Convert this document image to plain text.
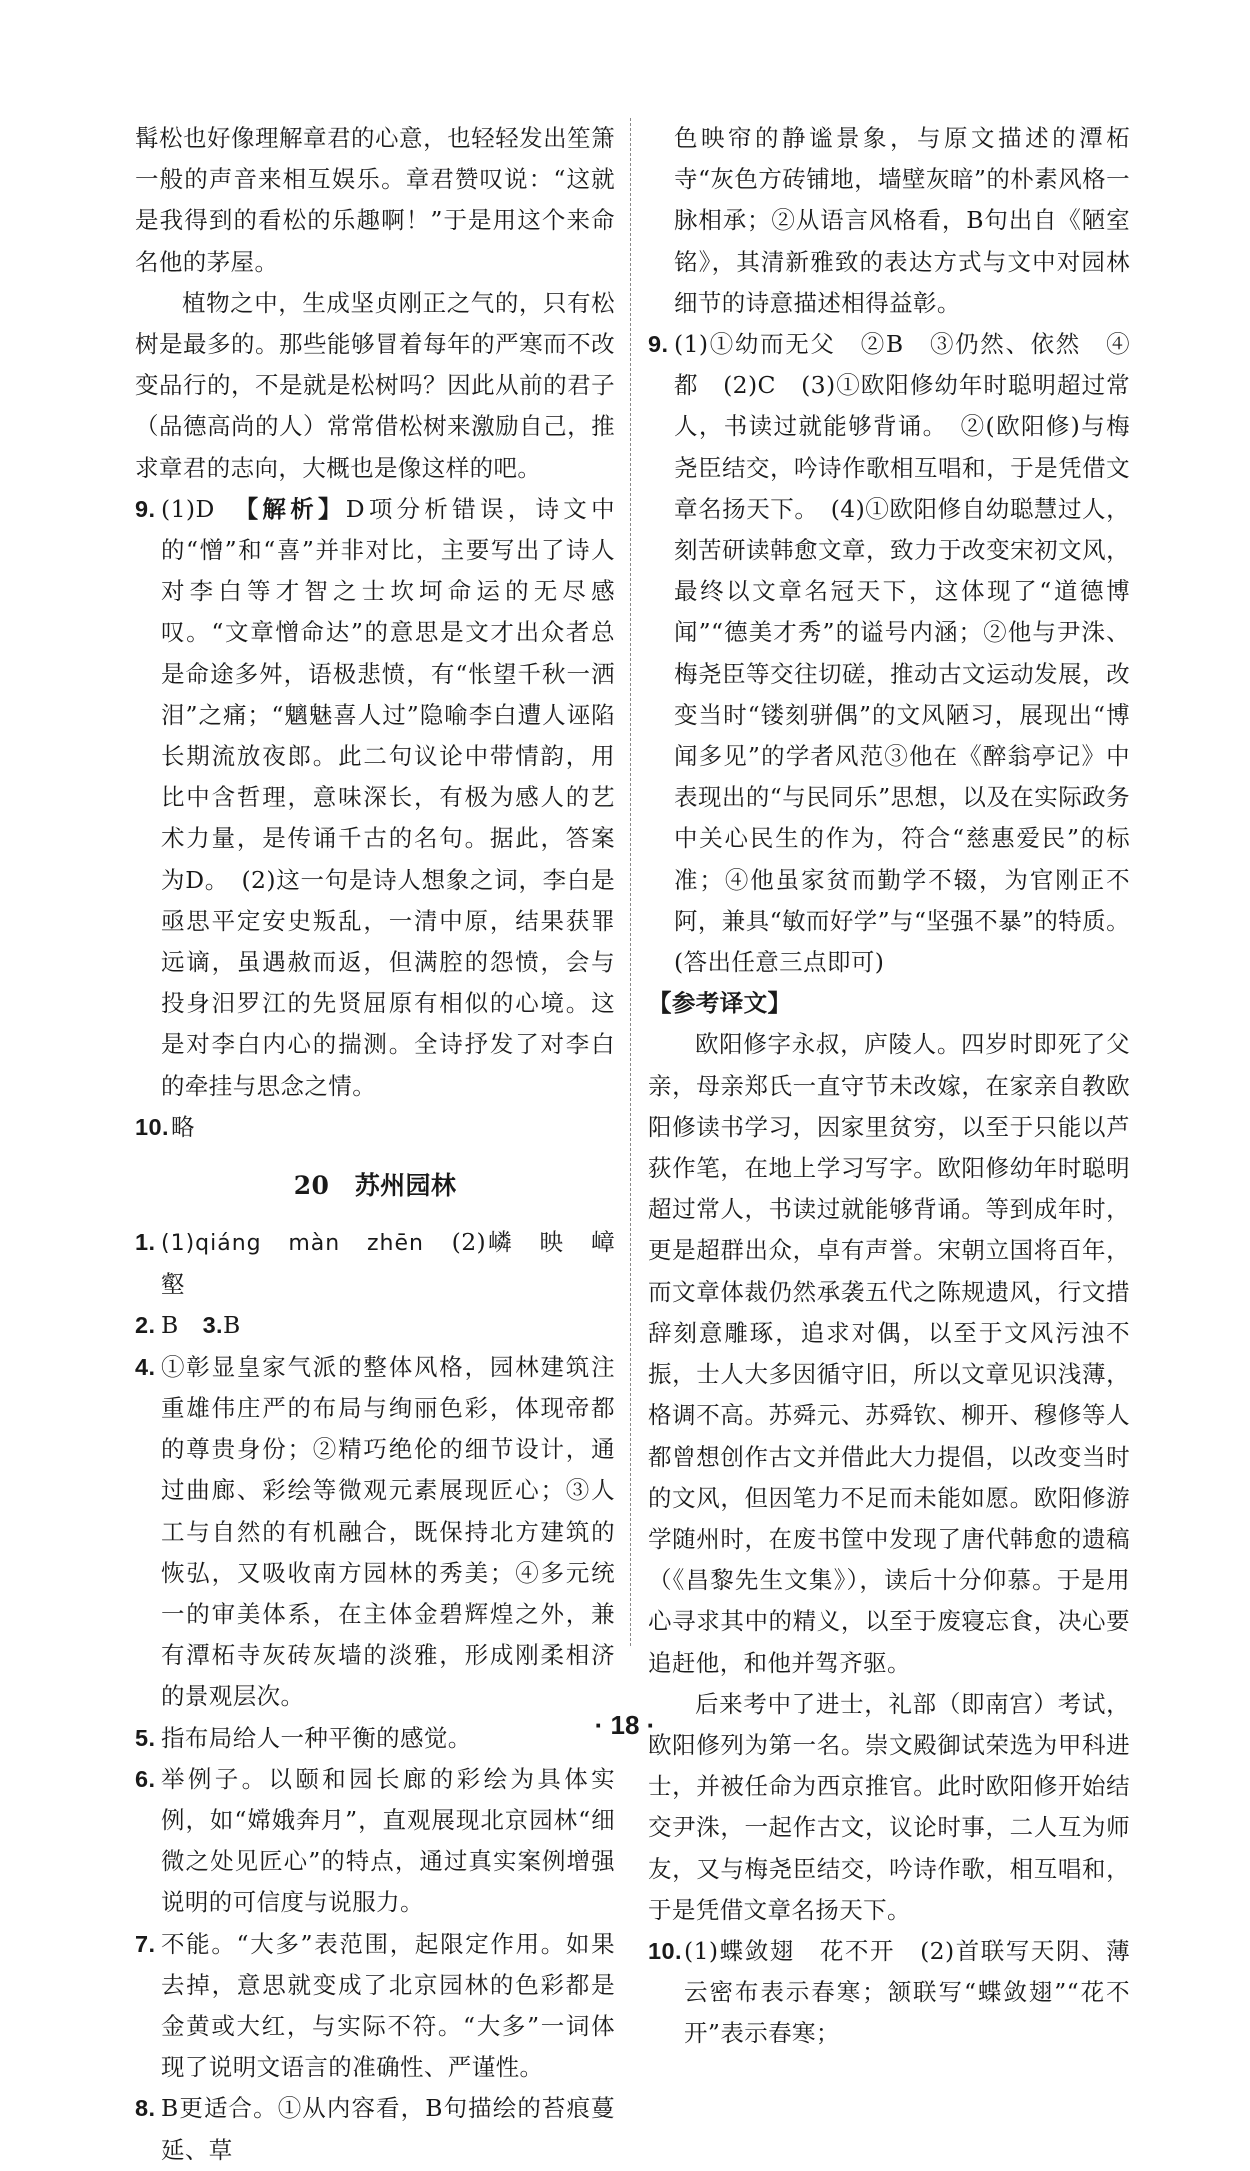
髯松也好像理解章君的心意，也轻轻发出笙箫一般的声音来相互娱乐。章君赞叹说：“这就是我得到的看松的乐趣啊！”于是用这个来命名他的茅屋。

植物之中，生成坚贞刚正之气的，只有松树是最多的。那些能够冒着每年的严寒而不改变品行的，不是就是松树吗？因此从前的君子（品德高尚的人）常常借松树来激励自己，推求章君的志向，大概也是像这样的吧。

9. (1)D　 【解析】D项分析错误，诗文中的“憎”和“喜”并非对比，主要写出了诗人对李白等才智之士坎坷命运的无尽感叹。“文章憎命达”的意思是文才出众者总是命途多舛，语极悲愤，有“怅望千秋一洒泪”之痛；“魑魅喜人过”隐喻李白遭人诬陷长期流放夜郎。此二句议论中带情韵，用比中含哲理，意味深长，有极为感人的艺术力量，是传诵千古的名句。据此，答案为D。　 (2)这一句是诗人想象之词，李白是亟思平定安史叛乱，一清中原，结果获罪远谪，虽遇赦而返，但满腔的怨愤，会与投身汨罗江的先贤屈原有相似的心境。这是对李白内心的揣测。全诗抒发了对李白的牵挂与思念之情。

10. 略
20　 苏州园林
1. (1)qiáng　màn　zhēn　 (2)嶙　映　嶂　壑
2. B　 3.B
4. ①彰显皇家气派的整体风格，园林建筑注重雄伟庄严的布局与绚丽色彩，体现帝都的尊贵身份；②精巧绝伦的细节设计，通过曲廊、彩绘等微观元素展现匠心；③人工与自然的有机融合，既保持北方建筑的恢弘，又吸收南方园林的秀美；④多元统一的审美体系，在主体金碧辉煌之外，兼有潭柘寺灰砖灰墙的淡雅，形成刚柔相济的景观层次。
5. 指布局给人一种平衡的感觉。
6. 举例子。以颐和园长廊的彩绘为具体实例，如“嫦娥奔月”，直观展现北京园林“细微之处见匠心”的特点，通过真实案例增强说明的可信度与说服力。
7. 不能。“大多”表范围，起限定作用。如果去掉，意思就变成了北京园林的色彩都是金黄或大红，与实际不符。“大多”一词体现了说明文语言的准确性、严谨性。
8. B更适合。①从内容看，B句描绘的苔痕蔓延、草

色映帘的静谧景象，与原文描述的潭柘寺“灰色方砖铺地，墙壁灰暗”的朴素风格一脉相承；②从语言风格看，B句出自《陋室铭》，其清新雅致的表达方式与文中对园林细节的诗意描述相得益彰。

9. (1)①幼而无父　②B　③仍然、依然　④都　(2)C　(3)①欧阳修幼年时聪明超过常人，书读过就能够背诵。　②(欧阳修)与梅尧臣结交，吟诗作歌相互唱和，于是凭借文章名扬天下。　(4)①欧阳修自幼聪慧过人，刻苦研读韩愈文章，致力于改变宋初文风，最终以文章名冠天下，这体现了“道德博闻”“德美才秀”的谥号内涵；②他与尹洙、梅尧臣等交往切磋，推动古文运动发展，改变当时“镂刻骈偶”的文风陋习，展现出“博闻多见”的学者风范③他在《醉翁亭记》中表现出的“与民同乐”思想，以及在实际政务中关心民生的作为，符合“慈惠爱民”的标准；④他虽家贫而勤学不辍，为官刚正不阿，兼具“敏而好学”与“坚强不暴”的特质。(答出任意三点即可)

【参考译文】

欧阳修字永叔，庐陵人。四岁时即死了父亲，母亲郑氏一直守节未改嫁，在家亲自教欧阳修读书学习，因家里贫穷，以至于只能以芦荻作笔，在地上学习写字。欧阳修幼年时聪明超过常人，书读过就能够背诵。等到成年时，更是超群出众，卓有声誉。宋朝立国将百年，而文章体裁仍然承袭五代之陈规遗风，行文措辞刻意雕琢，追求对偶，以至于文风污浊不振，士人大多因循守旧，所以文章见识浅薄，格调不高。苏舜元、苏舜钦、柳开、穆修等人都曾想创作古文并借此大力提倡，以改变当时的文风，但因笔力不足而未能如愿。欧阳修游学随州时，在废书筐中发现了唐代韩愈的遗稿（《昌黎先生文集》），读后十分仰慕。于是用心寻求其中的精义，以至于废寝忘食，决心要追赶他，和他并驾齐驱。

后来考中了进士，礼部（即南宫）考试，欧阳修列为第一名。崇文殿御试荣选为甲科进士，并被任命为西京推官。此时欧阳修开始结交尹洙，一起作古文，议论时事，二人互为师友，又与梅尧臣结交，吟诗作歌，相互唱和，于是凭借文章名扬天下。

10. (1)蝶敛翅　花不开　(2)首联写天阴、薄云密布表示春寒；颔联写“蝶敛翅”“花不开”表示春寒；
· 18 ·
